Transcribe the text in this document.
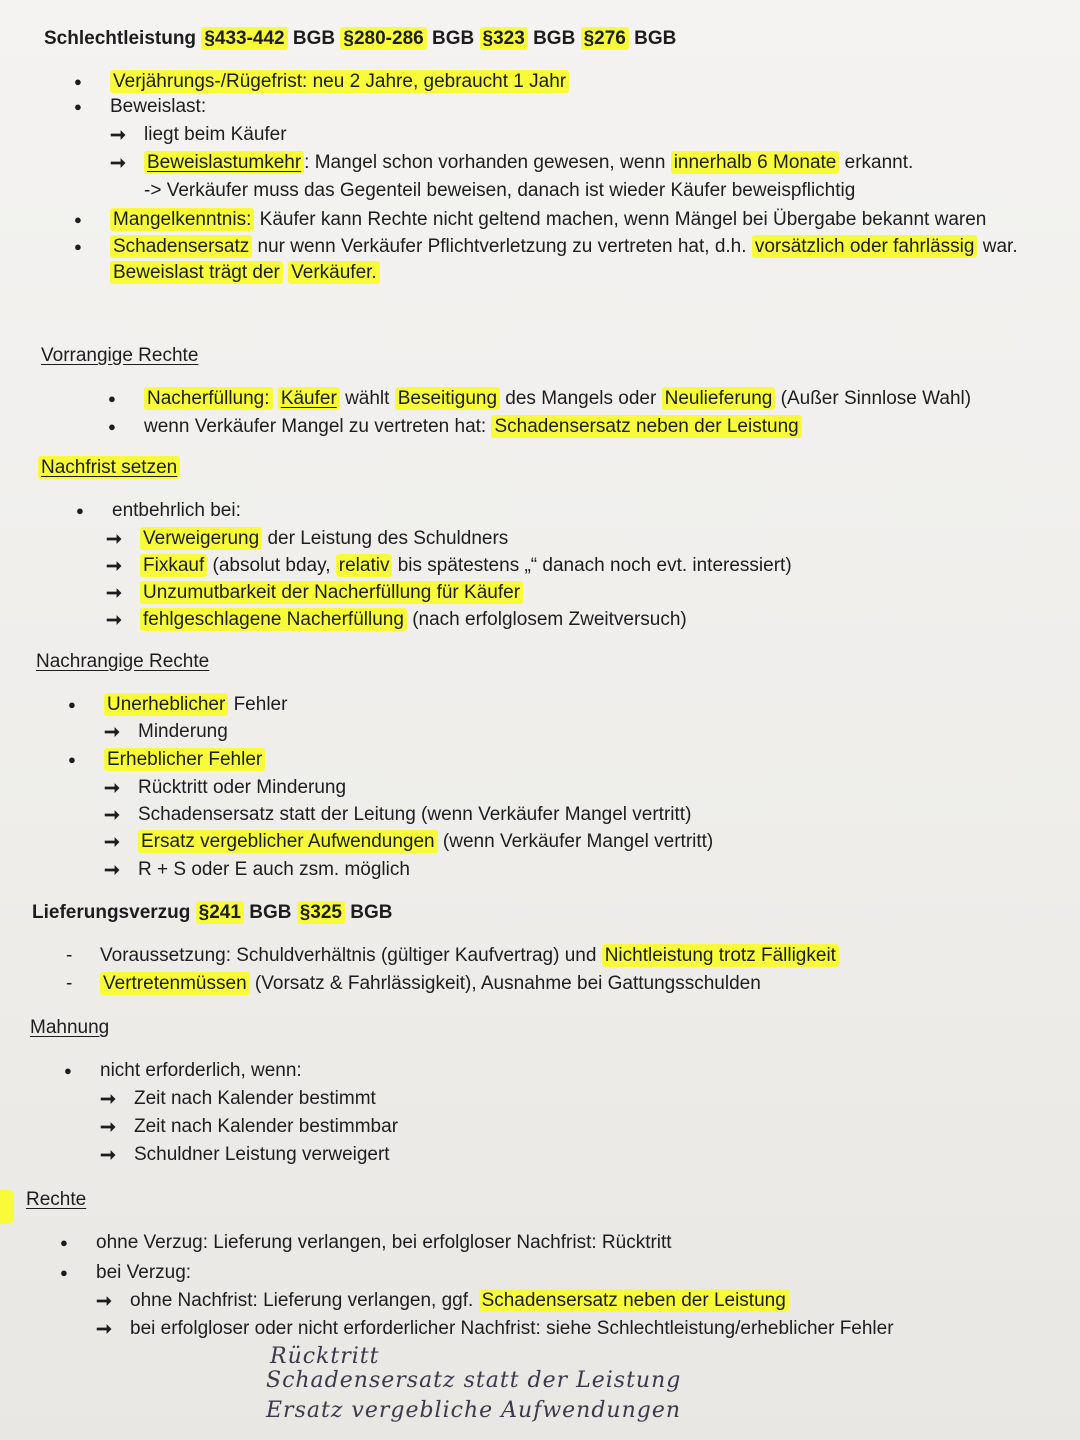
Schlechtleistung §433-442 BGB §280-286 BGB §323 BGB §276 BGB
● Verjährungs-/Rügefrist: neu 2 Jahre, gebraucht 1 Jahr
● Beweislast:
➞ liegt beim Käufer
➞ Beweislastumkehr : Mangel schon vorhanden gewesen, wenn innerhalb 6 Monate erkannt.
-> Verkäufer muss das Gegenteil beweisen, danach ist wieder Käufer beweispflichtig
● Mangelkenntnis: Käufer kann Rechte nicht geltend machen, wenn Mängel bei Übergabe bekannt waren
● Schadensersatz nur wenn Verkäufer Pflichtverletzung zu vertreten hat, d.h. vorsätzlich oder fahrlässig war.
Beweislast trägt der Verkäufer.
Vorrangige Rechte
● Nacherfüllung: Käufer wählt Beseitigung des Mangels oder Neulieferung (Außer Sinnlose Wahl)
● wenn Verkäufer Mangel zu vertreten hat: Schadensersatz neben der Leistung
Nachfrist setzen
● entbehrlich bei:
➞ Verweigerung der Leistung des Schuldners
➞ Fixkauf (absolut bday, relativ bis spätestens „“ danach noch evt. interessiert)
➞ Unzumutbarkeit der Nacherfüllung für Käufer
➞ fehlgeschlagene Nacherfüllung (nach erfolglosem Zweitversuch)
Nachrangige Rechte
● Unerheblicher Fehler
➞ Minderung
● Erheblicher Fehler
➞ Rücktritt oder Minderung
➞ Schadensersatz statt der Leitung (wenn Verkäufer Mangel vertritt)
➞ Ersatz vergeblicher Aufwendungen (wenn Verkäufer Mangel vertritt)
➞ R + S oder E auch zsm. möglich
Lieferungsverzug §241 BGB §325 BGB
- Voraussetzung: Schuldverhältnis (gültiger Kaufvertrag) und Nichtleistung trotz Fälligkeit
- Vertretenmüssen (Vorsatz & Fahrlässigkeit), Ausnahme bei Gattungsschulden
Mahnung
● nicht erforderlich, wenn:
➞ Zeit nach Kalender bestimmt
➞ Zeit nach Kalender bestimmbar
➞ Schuldner Leistung verweigert
Rechte
● ohne Verzug: Lieferung verlangen, bei erfolgloser Nachfrist: Rücktritt
● bei Verzug:
➞ ohne Nachfrist: Lieferung verlangen, ggf. Schadensersatz neben der Leistung
➞ bei erfolgloser oder nicht erforderlicher Nachfrist: siehe Schlechtleistung/erheblicher Fehler
Rücktritt
Schadensersatz statt der Leistung
Ersatz vergebliche Aufwendungen
